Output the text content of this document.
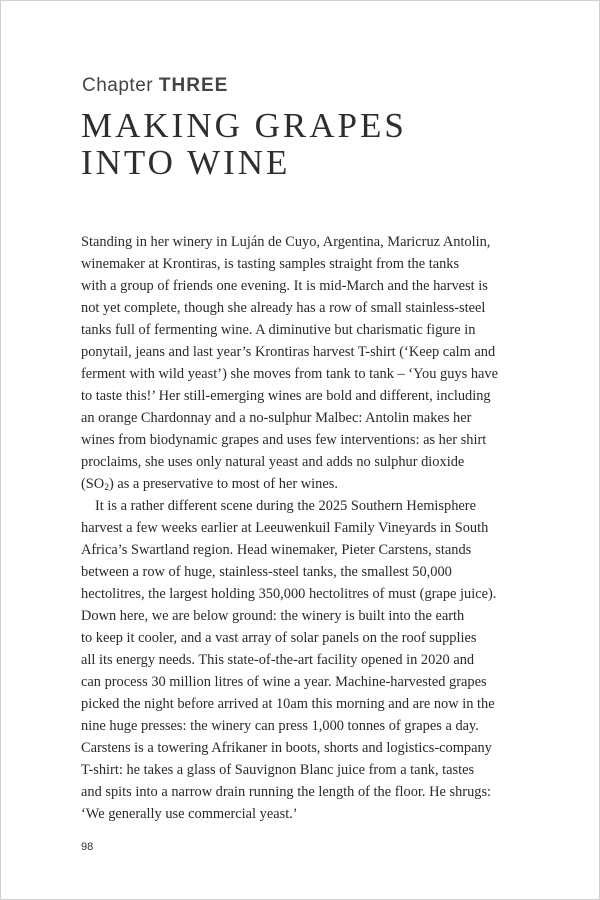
Chapter THREE
MAKING GRAPES
INTO WINE
Standing in her winery in Luján de Cuyo, Argentina, Maricruz Antolin,
winemaker at Krontiras, is tasting samples straight from the tanks
with a group of friends one evening. It is mid-March and the harvest is
not yet complete, though she already has a row of small stainless-steel
tanks full of fermenting wine. A diminutive but charismatic figure in
ponytail, jeans and last year’s Krontiras harvest T-shirt (‘Keep calm and
ferment with wild yeast’) she moves from tank to tank – ‘You guys have
to taste this!’ Her still-emerging wines are bold and different, including
an orange Chardonnay and a no-sulphur Malbec: Antolin makes her
wines from biodynamic grapes and uses few interventions: as her shirt
proclaims, she uses only natural yeast and adds no sulphur dioxide
$(SO_2)$ as a preservative to most of her wines.
It is a rather different scene during the 2025 Southern Hemisphere
harvest a few weeks earlier at Leeuwenkuil Family Vineyards in South
Africa’s Swartland region. Head winemaker, Pieter Carstens, stands
between a row of huge, stainless-steel tanks, the smallest 50,000
hectolitres, the largest holding 350,000 hectolitres of must (grape juice).
Down here, we are below ground: the winery is built into the earth
to keep it cooler, and a vast array of solar panels on the roof supplies
all its energy needs. This state-of-the-art facility opened in 2020 and
can process 30 million litres of wine a year. Machine-harvested grapes
picked the night before arrived at 10am this morning and are now in the
nine huge presses: the winery can press 1,000 tonnes of grapes a day.
Carstens is a towering Afrikaner in boots, shorts and logistics-company
T-shirt: he takes a glass of Sauvignon Blanc juice from a tank, tastes
and spits into a narrow drain running the length of the floor. He shrugs:
‘We generally use commercial yeast.’
98
